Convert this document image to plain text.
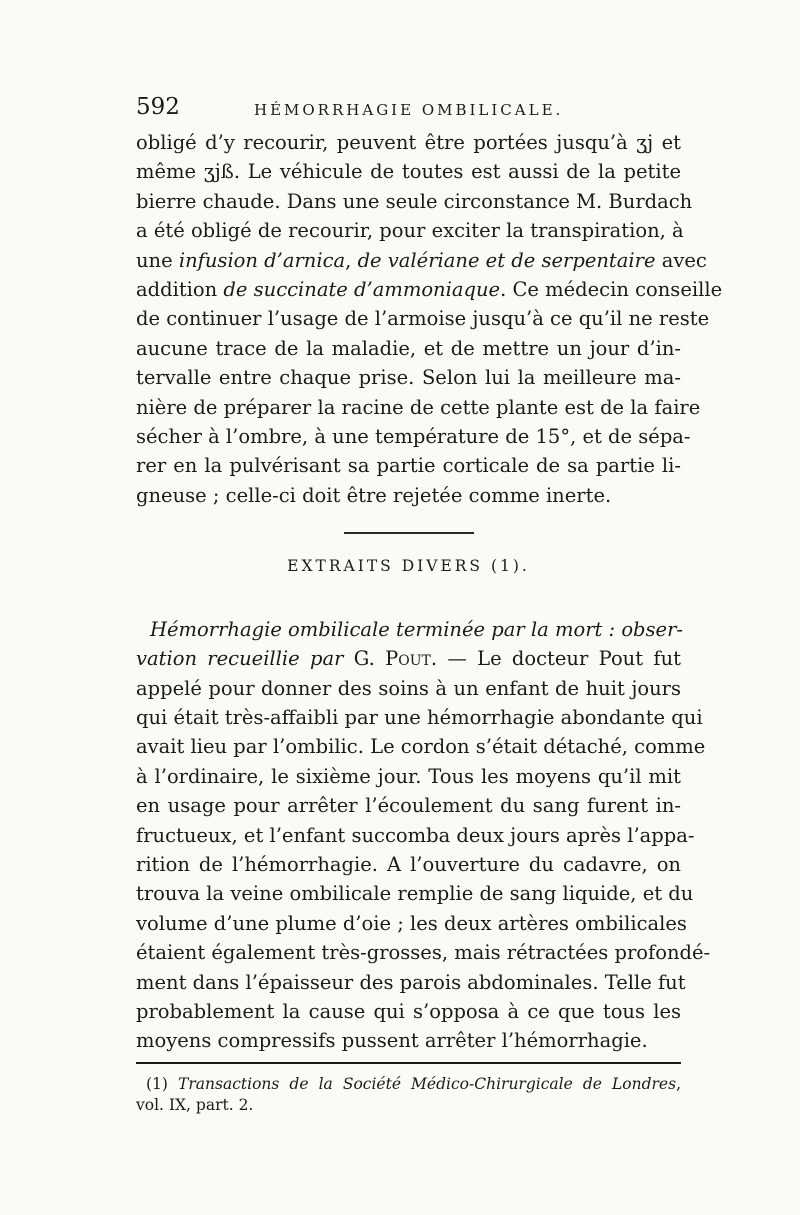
592	HÉMORRHAGIE OMBILICALE.

obligé d’y recourir, peuvent être portées jusqu’à ʒj et
même ʒjß. Le véhicule de toutes est aussi de la petite
bierre chaude. Dans une seule circonstance M. Burdach
a été obligé de recourir, pour exciter la transpiration, à
une infusion d’arnica, de valériane et de serpentaire avec
addition de succinate d’ammoniaque. Ce médecin conseille
de continuer l’usage de l’armoise jusqu’à ce qu’il ne reste
aucune trace de la maladie, et de mettre un jour d’in-
tervalle entre chaque prise. Selon lui la meilleure ma-
nière de préparer la racine de cette plante est de la faire
sécher à l’ombre, à une température de 15°, et de sépa-
rer en la pulvérisant sa partie corticale de sa partie li-
gneuse ; celle-ci doit être rejetée comme inerte.

EXTRAITS DIVERS (1).

Hémorrhagie ombilicale terminée par la mort : obser-
vation recueillie par G. Pout. — Le docteur Pout fut
appelé pour donner des soins à un enfant de huit jours
qui était très-affaibli par une hémorrhagie abondante qui
avait lieu par l’ombilic. Le cordon s’était détaché, comme
à l’ordinaire, le sixième jour. Tous les moyens qu’il mit
en usage pour arrêter l’écoulement du sang furent in-
fructueux, et l’enfant succomba deux jours après l’appa-
rition de l’hémorrhagie. A l’ouverture du cadavre, on
trouva la veine ombilicale remplie de sang liquide, et du
volume d’une plume d’oie ; les deux artères ombilicales
étaient également très-grosses, mais rétractées profondé-
ment dans l’épaisseur des parois abdominales. Telle fut
probablement la cause qui s’opposa à ce que tous les
moyens compressifs pussent arrêter l’hémorrhagie.

(1) Transactions de la Société Médico-Chirurgicale de Londres,
vol. IX, part. 2.
